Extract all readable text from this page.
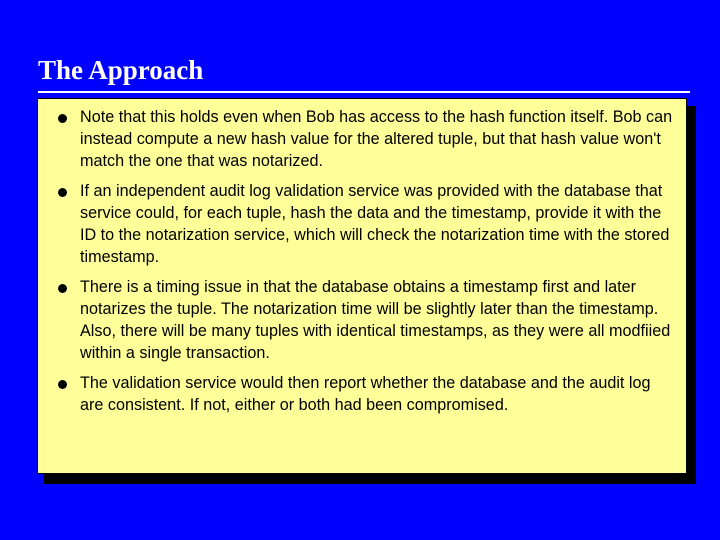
The Approach
Note that this holds even when Bob has access to the hash function itself. Bob can instead compute a new hash value for the altered tuple, but that hash value won't match the one that was notarized.
If an independent audit log validation service was provided with the database that service could, for each tuple, hash the data and the timestamp, provide it with the ID to the notarization service, which will check the notarization time with the stored timestamp.
There is a timing issue in that the database obtains a timestamp first and later notarizes the tuple. The notarization time will be slightly later than the timestamp. Also, there will be many tuples with identical timestamps, as they were all modfiied within a single transaction.
The validation service would then report whether the database and the audit log are consistent. If not, either or both had been compromised.
